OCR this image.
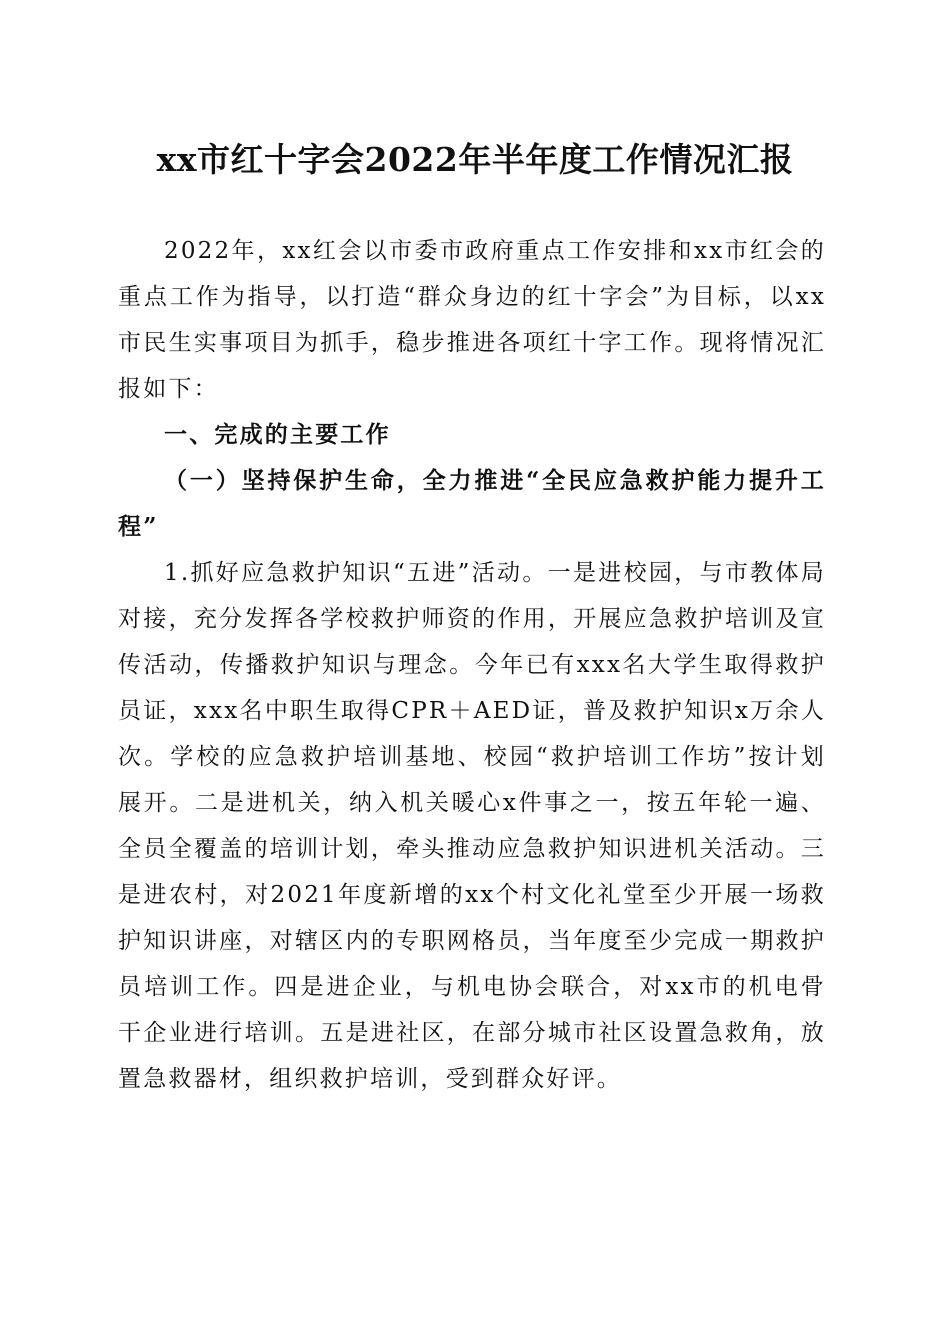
xx市红十字会2022年半年度工作情况汇报

2022年，xx红会以市委市政府重点工作安排和xx市红会的重点工作为指导，以打造“群众身边的红十字会”为目标，以xx市民生实事项目为抓手，稳步推进各项红十字工作。现将情况汇报如下：

一、完成的主要工作

（一）坚持保护生命，全力推进“全民应急救护能力提升工程”

1.抓好应急救护知识“五进”活动。一是进校园，与市教体局对接，充分发挥各学校救护师资的作用，开展应急救护培训及宣传活动，传播救护知识与理念。今年已有xxx名大学生取得救护员证，xxx名中职生取得CPR＋AED证，普及救护知识x万余人次。学校的应急救护培训基地、校园“救护培训工作坊”按计划展开。二是进机关，纳入机关暖心x件事之一，按五年轮一遍、全员全覆盖的培训计划，牵头推动应急救护知识进机关活动。三是进农村，对2021年度新增的xx个村文化礼堂至少开展一场救护知识讲座，对辖区内的专职网格员，当年度至少完成一期救护员培训工作。四是进企业，与机电协会联合，对xx市的机电骨干企业进行培训。五是进社区，在部分城市社区设置急救角，放置急救器材，组织救护培训，受到群众好评。
